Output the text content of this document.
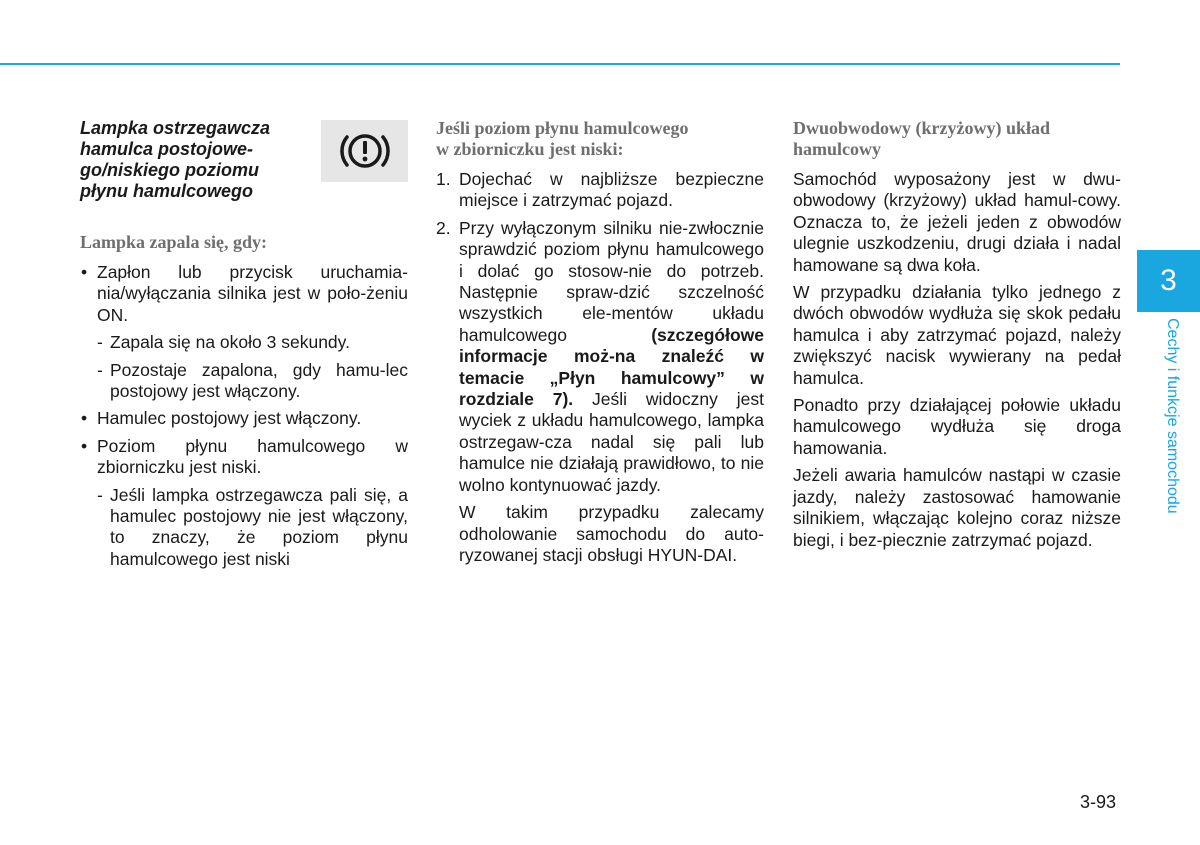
Lampka ostrzegawcza
hamulca postojowe-
go/niskiego poziomu
płynu hamulcowego
Lampka zapala się, gdy:
• Zapłon lub przycisk uruchamia-nia/wyłączania silnika jest w poło-żeniu ON.
- Zapala się na około 3 sekundy.
- Pozostaje zapalona, gdy hamu-lec postojowy jest włączony.
• Hamulec postojowy jest włączony.
• Poziom płynu hamulcowego w zbiorniczku jest niski.
- Jeśli lampka ostrzegawcza pali się, a hamulec postojowy nie jest włączony, to znaczy, że poziom płynu hamulcowego jest niski
Jeśli poziom płynu hamulcowego
w zbiorniczku jest niski:
1. Dojechać w najbliższe bezpieczne miejsce i zatrzymać pojazd.
2. Przy wyłączonym silniku nie-zwłocznie sprawdzić poziom płynu hamulcowego i dolać go stosow-nie do potrzeb. Następnie spraw-dzić szczelność wszystkich ele-mentów układu hamulcowego (szczegółowe informacje moż-na znaleźć w temacie „Płyn hamulcowy” w rozdziale 7). Jeśli widoczny jest wyciek z układu hamulcowego, lampka ostrzegaw-cza nadal się pali lub hamulce nie działają prawidłowo, to nie wolno kontynuować jazdy.

W takim przypadku zalecamy odholowanie samochodu do auto-ryzowanej stacji obsługi HYUN-DAI.

Dwuobwodowy (krzyżowy) układ
hamulcowy

Samochód wyposażony jest w dwu-obwodowy (krzyżowy) układ hamul-cowy. Oznacza to, że jeżeli jeden z obwodów ulegnie uszkodzeniu, drugi działa i nadal hamowane są dwa koła.

W przypadku działania tylko jednego z dwóch obwodów wydłuża się skok pedału hamulca i aby zatrzymać pojazd, należy zwiększyć nacisk wywierany na pedał hamulca.

Ponadto przy działającej połowie układu hamulcowego wydłuża się droga hamowania.

Jeżeli awaria hamulców nastąpi w czasie jazdy, należy zastosować hamowanie silnikiem, włączając kolejno coraz niższe biegi, i bez-piecznie zatrzymać pojazd.

3
Cechy i funkcje samochodu
3-93
